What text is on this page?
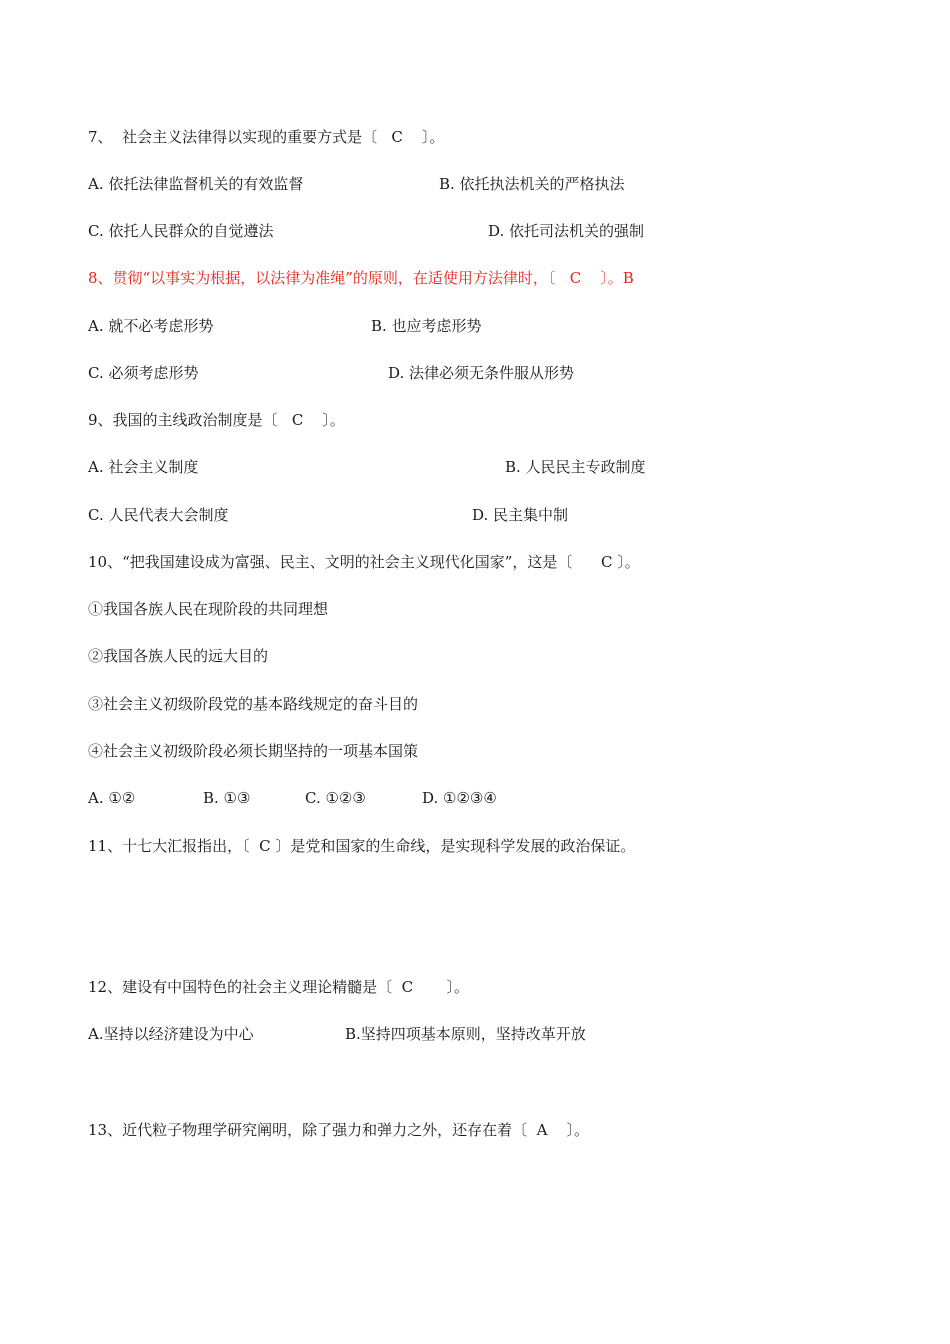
7、  社会主义法律得以实现的重要方式是〔   C    〕。
A. 依托法律监督机关的有效监督	B. 依托执法机关的严格执法
C. 依托人民群众的自觉遵法	D. 依托司法机关的强制
8、贯彻“以事实为根据，以法律为准绳”的原则，在适使用方法律时，〔   C    〕。B
A. 就不必考虑形势	B. 也应考虑形势
C. 必须考虑形势	D. 法律必须无条件服从形势
9、我国的主线政治制度是〔   C    〕。
A. 社会主义制度	B. 人民民主专政制度
C. 人民代表大会制度	D. 民主集中制
10、“把我国建设成为富强、民主、文明的社会主义现代化国家”，这是〔      C 〕。
①我国各族人民在现阶段的共同理想
②我国各族人民的远大目的
③社会主义初级阶段党的基本路线规定的奋斗目的
④社会主义初级阶段必须长期坚持的一项基本国策
A. ①②	B. ①③	C. ①②③	D. ①②③④
11、十七大汇报指出，〔  C 〕是党和国家的生命线，是实现科学发展的政治保证。
12、建设有中国特色的社会主义理论精髓是〔  C       〕。
A.坚持以经济建设为中心	B.坚持四项基本原则，坚持改革开放
13、近代粒子物理学研究阐明，除了强力和弹力之外，还存在着〔  A    〕。
